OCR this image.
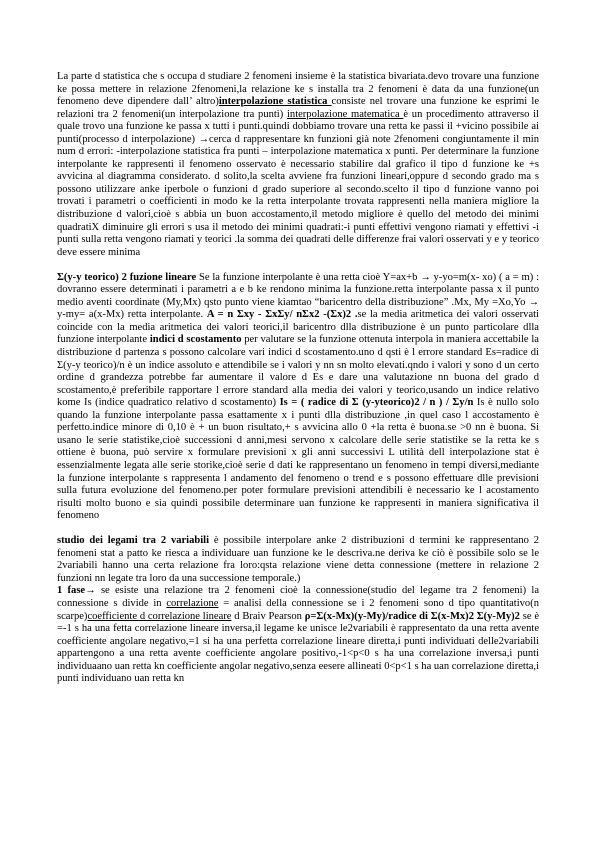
La parte d statistica che s occupa d studiare 2 fenomeni insieme è la statistica bivariata.devo trovare una funzione ke possa mettere in relazione 2fenomeni,la relazione ke s installa tra 2 fenomeni è data da una funzione(un fenomeno deve dipendere dall’ altro)interpolazione statistica consiste nel trovare una funzione ke esprimi le relazioni tra 2 fenomeni(un interpolazione tra punti) interpolazione matematica è un procedimento attraverso il quale trovo una funzione ke passa x tutti i punti.quindi dobbiamo trovare una retta ke passi il +vicino possibile ai punti(processo d interpolazione) →cerca d rappresentare kn funzioni già note 2fenomeni congiuntamente il min num d errori: -interpolazione statistica fra punti – interpolazione matematica x punti. Per determinare la funzione interpolante ke rappresenti il fenomeno osservato è necessario stabilire dal grafico il tipo d funzione ke +s avvicina al diagramma considerato. d solito,la scelta avviene fra funzioni lineari,oppure d secondo grado ma s possono utilizzare anke iperbole o funzioni d grado superiore al secondo.scelto il tipo d funzione vanno poi trovati i parametri o coefficienti in modo ke la retta interpolante trovata rappresenti nella maniera migliore la distribuzione d valori,cioè s abbia un buon accostamento,il metodo migliore è quello del metodo dei minimi quadratiX diminuire gli errori s usa il metodo dei minimi quadrati:-i punti effettivi vengono riamati y effettivi -i punti sulla retta vengono riamati y teorici .la somma dei quadrati delle differenze frai valori osservati y e y teorico deve essere minima

Σ(y-y teorico) 2 fuzione lineare Se la funzione interpolante è una retta cioè Y=ax+b → y-yo=m(x- xo) ( a = m) : dovranno essere determinati i parametri a e b ke rendono minima la funzione.retta interpolante passa x il punto medio aventi coordinate (My,Mx) qsto punto viene kiamtao “baricentro della distribuzione” .Mx, My =Xo,Yo → y-my= a(x-Mx) retta interpolante. A = n Σxy - ΣxΣy/ nΣx2 -(Σx)2 .se la media aritmetica dei valori osservati coincide con la media aritmetica dei valori teorici,il baricentro dlla distribuzione è un punto particolare dlla funzione interpolante indici d scostamento per valutare se la funzione ottenuta interpola in maniera accettabile la distribuzione d partenza s possono calcolare vari indici d scostamento.uno d qsti è l errore standard Es=radice di Σ(y-y teorico)/n è un indice assoluto e attendibile se i valori y nn sn molto elevati.qndo i valori y sono d un certo ordine d grandezza potrebbe far aumentare il valore d Es e dare una valutazione nn buona del grado d scostamento,è preferibile rapportare l errore standard alla media dei valori y teorico,usando un indice relativo kome Is (indice quadratico relativo d scostamento) Is = ( radice di Σ (y-yteorico)2 / n ) / Σy/n Is è nullo solo quando la funzione interpolante passa esattamente x i punti dlla distribuzione ,in quel caso l accostamento è perfetto.indice minore di 0,10 è + un buon risultato,+ s avvicina allo 0 +la retta è buona.se >0 nn è buona. Si usano le serie statistike,cioè successioni d anni,mesi servono x calcolare delle serie statistike se la retta ke s ottiene è buona, può servire x formulare previsioni x gli anni successivi L utilità dell interpolazione stat è essenzialmente legata alle serie storike,cioè serie d dati ke rappresentano un fenomeno in tempi diversi,mediante la funzione interpolante s rappresenta l andamento del fenomeno o trend e s possono effettuare dlle previsioni sulla futura evoluzione del fenomeno.per poter formulare previsioni attendibili è necessario ke l acostamento risulti molto buono e sia quindi possibile determinare uan funzione ke rappresenti in maniera significativa il fenomeno

studio dei legami tra 2 variabili è possibile interpolare anke 2 distribuzioni d termini ke rappresentano 2 fenomeni stat a patto ke riesca a individuare uan funzione ke le descriva.ne deriva ke ciò è possibile solo se le 2variabili hanno una certa relazione fra loro:qsta relazione viene detta connessione (mettere in relazione 2 funzioni nn legate tra loro da una successione temporale.)

1 fase→ se esiste una relazione tra 2 fenomeni cioè la connessione(studio del legame tra 2 fenomeni) la connessione s divide in correlazione = analisi della connessione se i 2 fenomeni sono d tipo quantitativo(n scarpe)coefficiente d correlazione lineare d Braiv Pearson ρ=Σ(x-Mx)(y-My)/radice di Σ(x-Mx)2 Σ(y-My)2 se è =-1 s ha una fetta correlazione lineare inversa,il legame ke unisce le2variabili è rappresentato da una retta avente coefficiente angolare negativo,=1 si ha una perfetta correlazione lineare diretta,i punti individuati delle2variabili appartengono a una retta avente coefficiente angolare positivo,-1<p<0 s ha una correlazione inversa,i punti individuaano uan retta kn coefficiente angolar negativo,senza eesere allineati 0<p<1 s ha uan correlazione diretta,i punti individuano uan retta kn
